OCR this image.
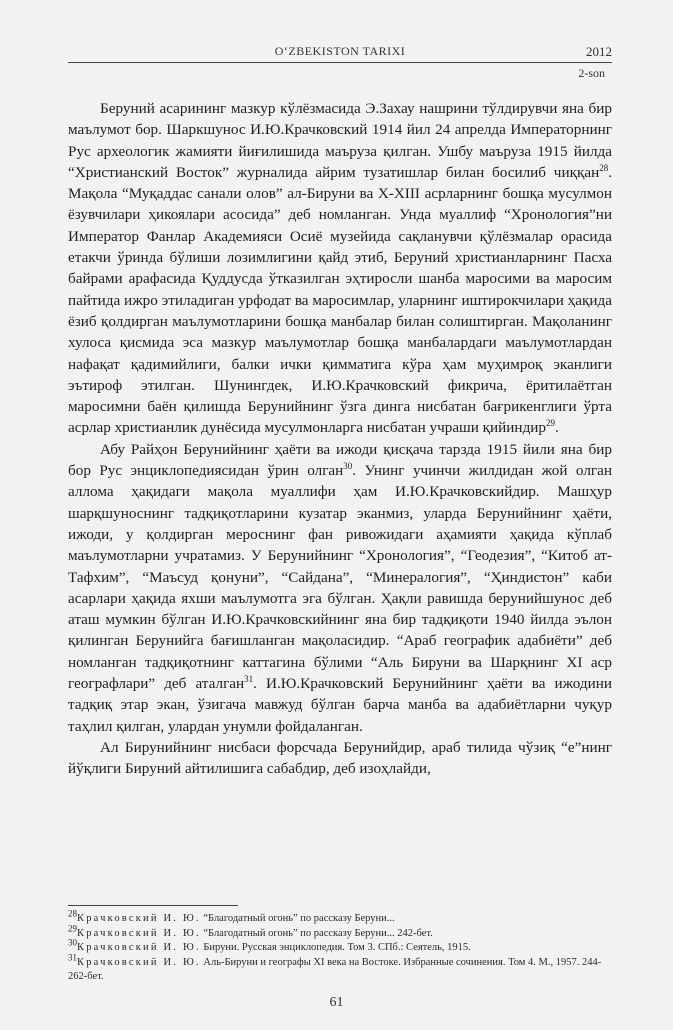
O‘ZBEKISTON TARIXI	2012
2-son

Беруний асарининг мазкур кўлёзмасида Э.Захау нашрини тўлдирувчи яна бир маълумот бор. Шаркшунос И.Ю.Крачковский 1914 йил 24 апрелда Императорнинг Рус археологик жамияти йиғилишида маъруза қилган. Ушбу маъруза 1915 йилда “Христианский Восток” журналида айрим тузатишлар билан босилиб чиққан$^{28}$. Мақола “Муқаддас санали олов” ал-Бируни ва X-XIII асрларнинг бошқа мусулмон ёзувчилари ҳикоялари асосида” деб номланган. Унда муаллиф “Хронология”ни Император Фанлар Академияси Осиё музейида сақланувчи қўлёзмалар орасида етакчи ўринда бўлиши лозимлигини қайд этиб, Беруний христианларнинг Пасха байрами арафасида Қуддусда ўтказилган эҳтиросли шанба маросими ва маросим пайтида ижро этиладиган урфодат ва маросимлар, уларнинг иштирокчилари ҳақида ёзиб қолдирган маълумотларини бошқа манбалар билан солиштирган. Мақоланинг хулоса қисмида эса мазкур маълумотлар бошқа манбалардаги маълумотлардан нафақат қадимийлиги, балки ички қимматига кўра ҳам муҳимроқ эканлиги эътироф этилган. Шунингдек, И.Ю.Крачковский фикрича, ёритилаётган маросимни баён қилишда Берунийнинг ўзга динга нисбатан бағрикенглиги ўрта асрлар христианлик дунёсида мусулмонларга нисбатан учраши қийиндир$^{29}$.

Абу Райҳон Берунийнинг ҳаёти ва ижоди қисқача тарзда 1915 йили яна бир бор Рус энциклопедиясидан ўрин олган$^{30}$. Унинг учинчи жилдидан жой олган аллома ҳақидаги мақола муаллифи ҳам И.Ю.Крачковскийдир. Машҳур шарқшуноснинг тадқиқотларини кузатар эканмиз, уларда Берунийнинг ҳаёти, ижоди, у қолдирган мероснинг фан ривожидаги аҳамияти ҳақида кўплаб маълумотларни учратамиз. У Берунийнинг “Хронология”, “Геодезия”, “Китоб ат-Тафхим”, “Маъсуд қонуни”, “Сайдана”, “Минералогия”, “Ҳиндистон” каби асарлари ҳақида яхши маълумотга эга бўлган. Ҳақли равишда берунийшунос деб аташ мумкин бўлган И.Ю.Крачковскийнинг яна бир тадқиқоти 1940 йилда эълон қилинган Берунийга бағишланган мақоласидир. “Араб географик адабиёти” деб номланган тадқиқотнинг каттагина бўлими “Аль Бируни ва Шарқнинг XI аср географлари” деб аталган$^{31}$. И.Ю.Крачковский Берунийнинг ҳаёти ва ижодини тадқиқ этар экан, ўзигача мавжуд бўлган барча манба ва адабиётларни чуқур таҳлил қилган, улардан унумли фойдаланган.

Ал Бирунийнинг нисбаси форсчада Берунийдир, араб тилида чўзиқ “е”нинг йўқлиги Бируний айтилишига сабабдир, деб изоҳлайди,

$^{28}$Крачковский И. Ю. “Благодатный огонь” по рассказу Беруни...
$^{29}$Крачковский И. Ю. “Благодатный огонь” по рассказу Беруни... 242-бет.
$^{30}$Крачковский И. Ю. Бируни. Русская энциклопедия. Том 3. СПб.: Сеятель, 1915.
$^{31}$Крачковский И. Ю. Аль-Бируни и географы XI века на Востоке. Избранные сочинения. Том 4. М., 1957. 244-262-бет.
61
